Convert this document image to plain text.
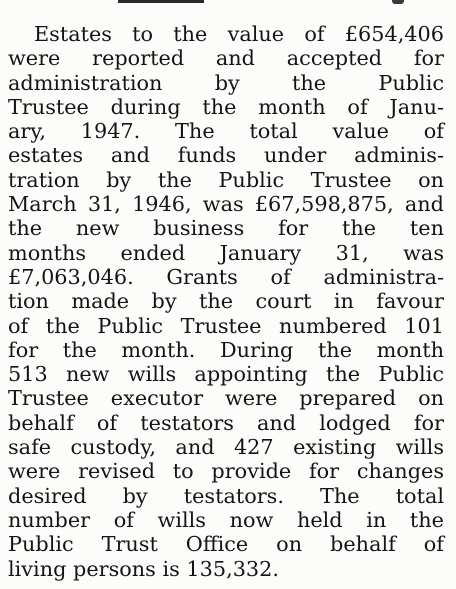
Estates to the value of £654,406
were reported and accepted for
administration by the Public
Trustee during the month of Janu-
ary, 1947. The total value of
estates and funds under adminis-
tration by the Public Trustee on
March 31, 1946, was £67,598,875, and
the new business for the ten
months ended January 31, was
£7,063,046. Grants of administra-
tion made by the court in favour
of the Public Trustee numbered 101
for the month. During the month
513 new wills appointing the Public
Trustee executor were prepared on
behalf of testators and lodged for
safe custody, and 427 existing wills
were revised to provide for changes
desired by testators. The total
number of wills now held in the
Public Trust Office on behalf of
living persons is 135,332.
